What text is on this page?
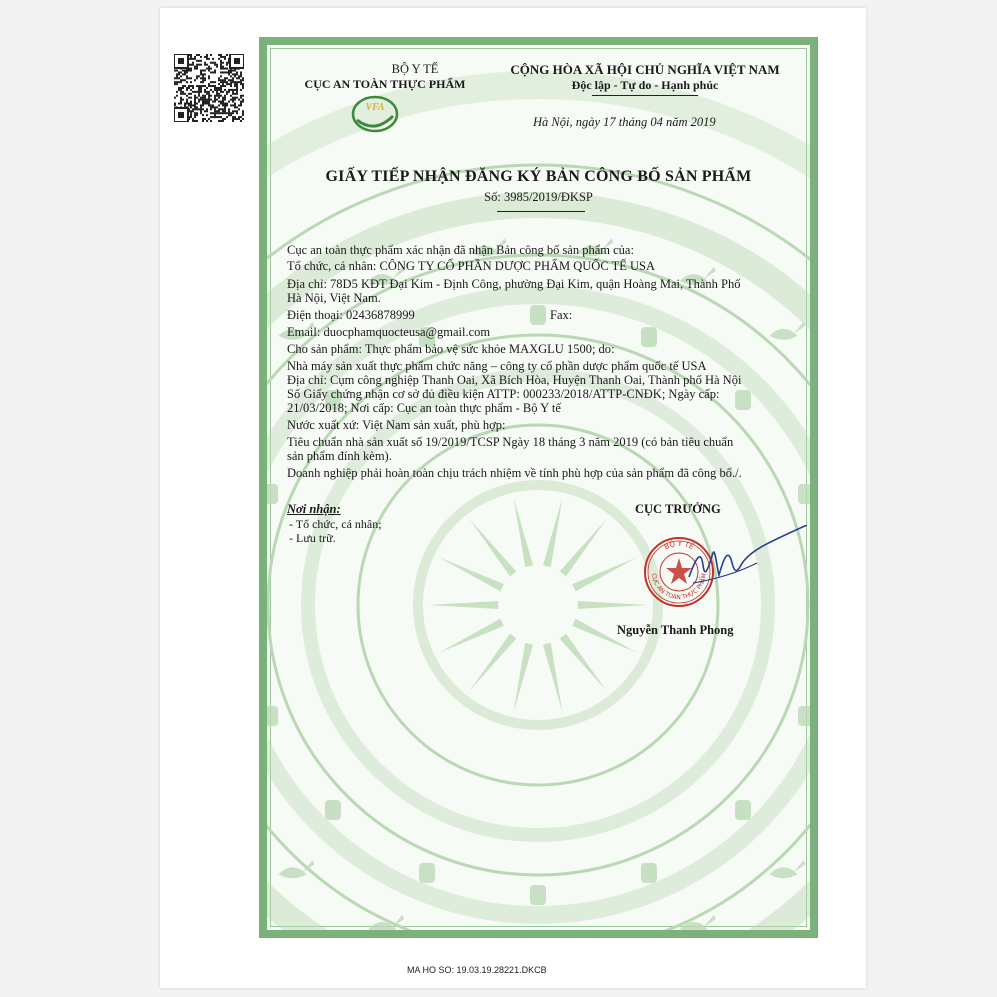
BỘ Y TẾ
CỤC AN TOÀN THỰC PHẨM
VFA
CỘNG HÒA XÃ HỘI CHỦ NGHĨA VIỆT NAM
Độc lập - Tự do - Hạnh phúc
Hà Nội, ngày 17 tháng 04 năm 2019
GIẤY TIẾP NHẬN ĐĂNG KÝ BẢN CÔNG BỐ SẢN PHẨM
Số: 3985/2019/ĐKSP
Cục an toàn thực phẩm xác nhận đã nhận Bản công bố sản phẩm của:
Tổ chức, cá nhân: CÔNG TY CỔ PHẦN DƯỢC PHẨM QUỐC TẾ USA
Địa chỉ: 78D5 KĐT Đại Kim - Định Công, phường Đại Kim, quận Hoàng Mai, Thành Phố
Hà Nội, Việt Nam.
Điện thoại: 02436878999	Fax:
Email: duocphamquocteusa@gmail.com
Cho sản phẩm: Thực phẩm bảo vệ sức khỏe MAXGLU 1500; do:
Nhà máy sản xuất thực phẩm chức năng – công ty cổ phần dược phẩm quốc tế USA
Địa chỉ: Cụm công nghiệp Thanh Oai, Xã Bích Hòa, Huyện Thanh Oai, Thành phố Hà Nội
Số Giấy chứng nhận cơ sở đủ điều kiện ATTP: 000233/2018/ATTP-CNĐK; Ngày cấp:
21/03/2018; Nơi cấp: Cục an toàn thực phẩm - Bộ Y tế
Nước xuất xứ: Việt Nam sản xuất, phù hợp:
Tiêu chuẩn nhà sản xuất số 19/2019/TCSP Ngày 18 tháng 3 năm 2019 (có bản tiêu chuẩn
sản phẩm đính kèm).
Doanh nghiệp phải hoàn toàn chịu trách nhiệm về tính phù hợp của sản phẩm đã công bố./.
Nơi nhận:
- Tổ chức, cá nhân;
- Lưu trữ.
CỤC TRƯỞNG
Nguyễn Thanh Phong
BỘ Y TẾ
CỤC AN TOÀN THỰC PHẨM
MA HO SO: 19.03.19.28221.DKCB
